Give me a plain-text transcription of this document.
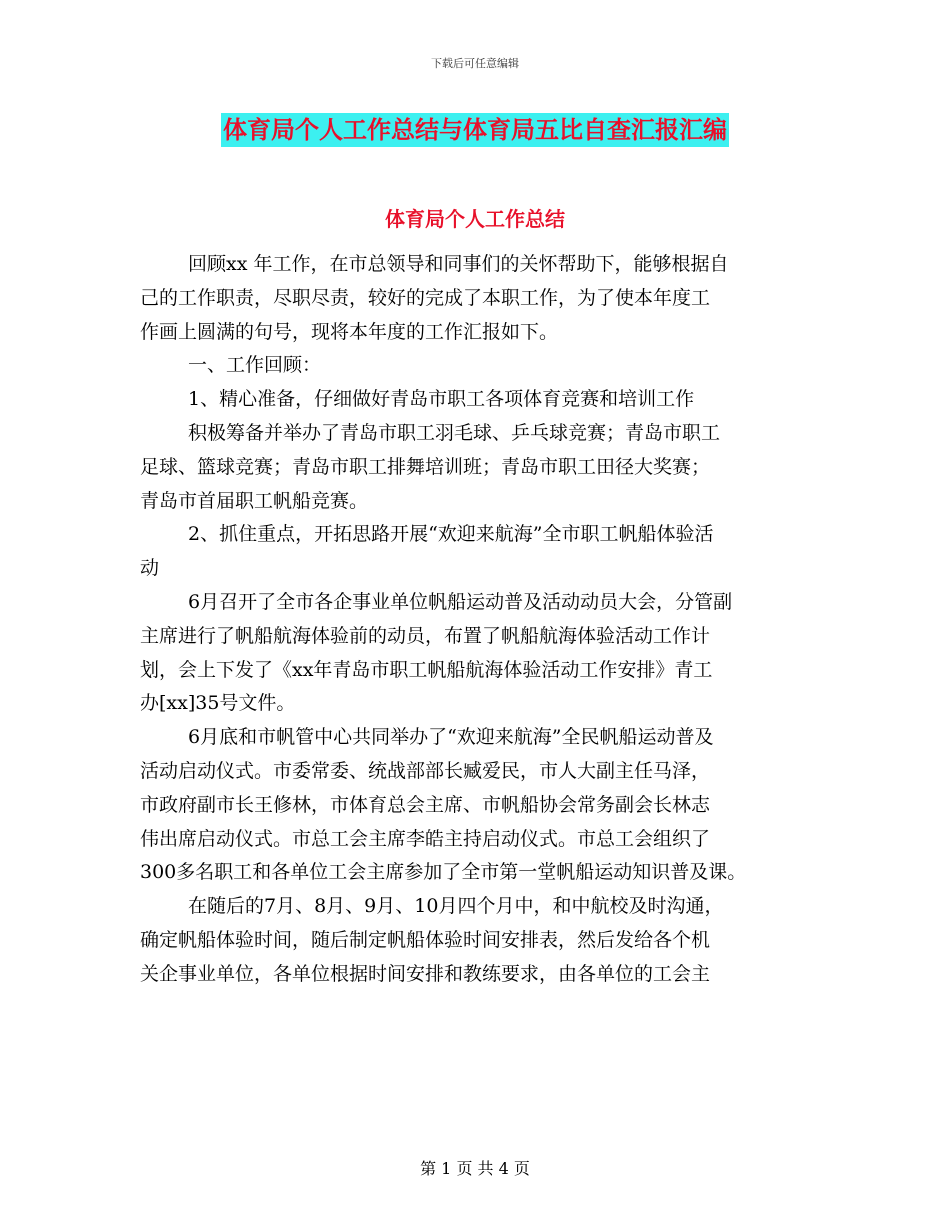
下载后可任意编辑
体育局个人工作总结与体育局五比自查汇报汇编
体育局个人工作总结
回顾xx 年工作，在市总领导和同事们的关怀帮助下，能够根据自
己的工作职责，尽职尽责，较好的完成了本职工作，为了使本年度工
作画上圆满的句号，现将本年度的工作汇报如下。
一、工作回顾：
1、精心准备，仔细做好青岛市职工各项体育竞赛和培训工作
积极筹备并举办了青岛市职工羽毛球、乒乓球竞赛；青岛市职工
足球、篮球竞赛；青岛市职工排舞培训班；青岛市职工田径大奖赛；
青岛市首届职工帆船竞赛。
2、抓住重点，开拓思路开展“欢迎来航海”全市职工帆船体验活
动
6月召开了全市各企事业单位帆船运动普及活动动员大会，分管副
主席进行了帆船航海体验前的动员，布置了帆船航海体验活动工作计
划，会上下发了《xx年青岛市职工帆船航海体验活动工作安排》青工
办[xx]35号文件。
6月底和市帆管中心共同举办了“欢迎来航海”全民帆船运动普及
活动启动仪式。市委常委、统战部部长臧爱民，市人大副主任马泽，
市政府副市长王修林，市体育总会主席、市帆船协会常务副会长林志
伟出席启动仪式。市总工会主席李皓主持启动仪式。市总工会组织了
300多名职工和各单位工会主席参加了全市第一堂帆船运动知识普及课。
在随后的7月、8月、9月、10月四个月中，和中航校及时沟通，
确定帆船体验时间，随后制定帆船体验时间安排表，然后发给各个机
关企事业单位，各单位根据时间安排和教练要求，由各单位的工会主
第 1 页 共 4 页
